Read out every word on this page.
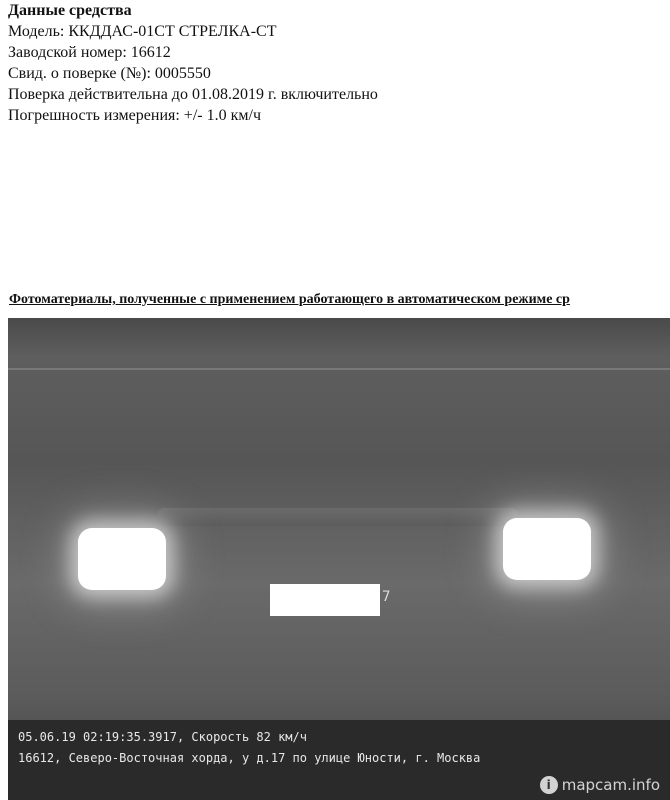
Данные средства
Модель: ККДДАС-01СТ СТРЕЛКА-СТ
Заводской номер: 16612
Свид. о поверке (№): 0005550
Поверка действительна до 01.08.2019 г. включительно
Погрешность измерения: +/- 1.0 км/ч
Фотоматериалы, полученные с применением работающего в автоматическом режиме ср
7
05.06.19 02:19:35.3917, Скорость 82 км/ч
16612, Северо-Восточная хорда, у д.17 по улице Юности, г. Москва
i mapcam.info
